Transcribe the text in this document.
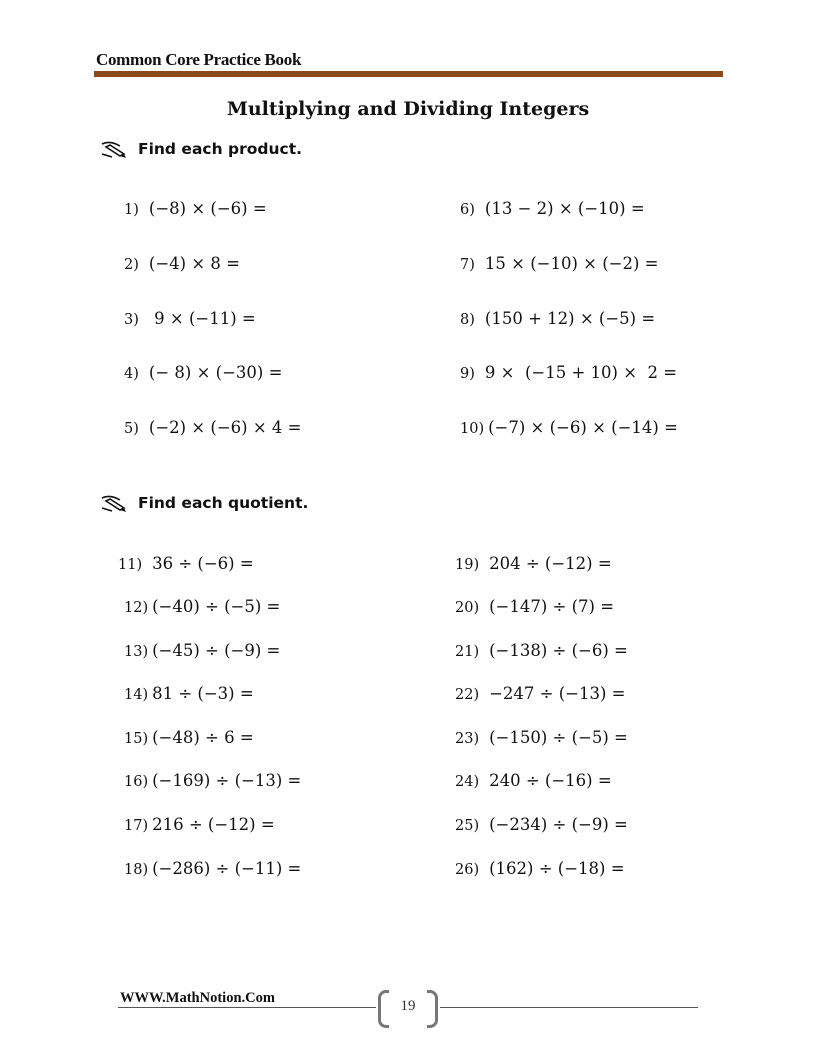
Common Core Practice Book
Multiplying and Dividing Integers
Find each product.
1) (−8) × (−6) =
2) (−4) × 8 =
3) 9 × (−11) =
4) (− 8) × (−30) =
5) (−2) × (−6) × 4 =
6) (13 − 2) × (−10) =
7) 15 × (−10) × (−2) =
8) (150 + 12) × (−5) =
9) 9 ×  (−15 + 10) ×  2 =
10) (−7) × (−6) × (−14) =
Find each quotient.
11) 36 ÷ (−6) =
12) (−40) ÷ (−5) =
13) (−45) ÷ (−9) =
14) 81 ÷ (−3) =
15) (−48) ÷ 6 =
16) (−169) ÷ (−13) =
17) 216 ÷ (−12) =
18) (−286) ÷ (−11) =
19) 204 ÷ (−12) =
20) (−147) ÷ (7) =
21) (−138) ÷ (−6) =
22) −247 ÷ (−13) =
23) (−150) ÷ (−5) =
24) 240 ÷ (−16) =
25) (−234) ÷ (−9) =
26) (162) ÷ (−18) =
WWW.MathNotion.Com	19
